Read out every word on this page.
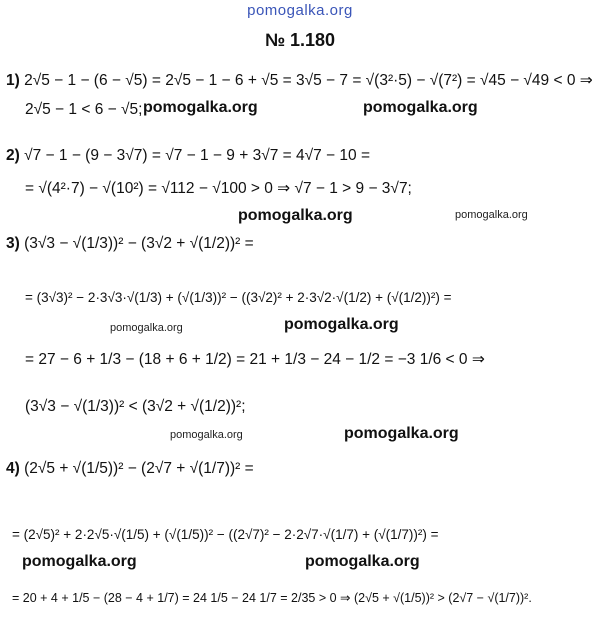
pomogalka.org
№ 1.180
1) 2√5 − 1 − (6 − √5) = 2√5 − 1 − 6 + √5 = 3√5 − 7 = √(3²·5) − √(7²) = √45 − √49 < 0 ⇒
2√5 − 1 < 6 − √5; pomogalka.org	pomogalka.org
2) √7 − 1 − (9 − 3√7) = √7 − 1 − 9 + 3√7 = 4√7 − 10 =
= √(4²·7) − √(10²) = √112 − √100 > 0 ⇒ √7 − 1 > 9 − 3√7;
pomogalka.org	pomogalka.org
3) (3√3 − √(1/3))² − (3√2 + √(1/2))² =
= (3√3)² − 2·3√3·√(1/3) + (√(1/3))² − ((3√2)² + 2·3√2·√(1/2) + (√(1/2))²) =
pomogalka.org	pomogalka.org
= 27 − 6 + 1/3 − (18 + 6 + 1/2) = 21 + 1/3 − 24 − 1/2 = −3 1/6 < 0 ⇒
(3√3 − √(1/3))² < (3√2 + √(1/2))²;
pomogalka.org	pomogalka.org
4) (2√5 + √(1/5))² − (2√7 + √(1/7))² =
= (2√5)² + 2·2√5·√(1/5) + (√(1/5))² − ((2√7)² − 2·2√7·√(1/7) + (√(1/7))²) =
pomogalka.org	pomogalka.org
= 20 + 4 + 1/5 − (28 − 4 + 1/7) = 24 1/5 − 24 1/7 = 2/35 > 0 ⇒ (2√5 + √(1/5))² > (2√7 − √(1/7))².
